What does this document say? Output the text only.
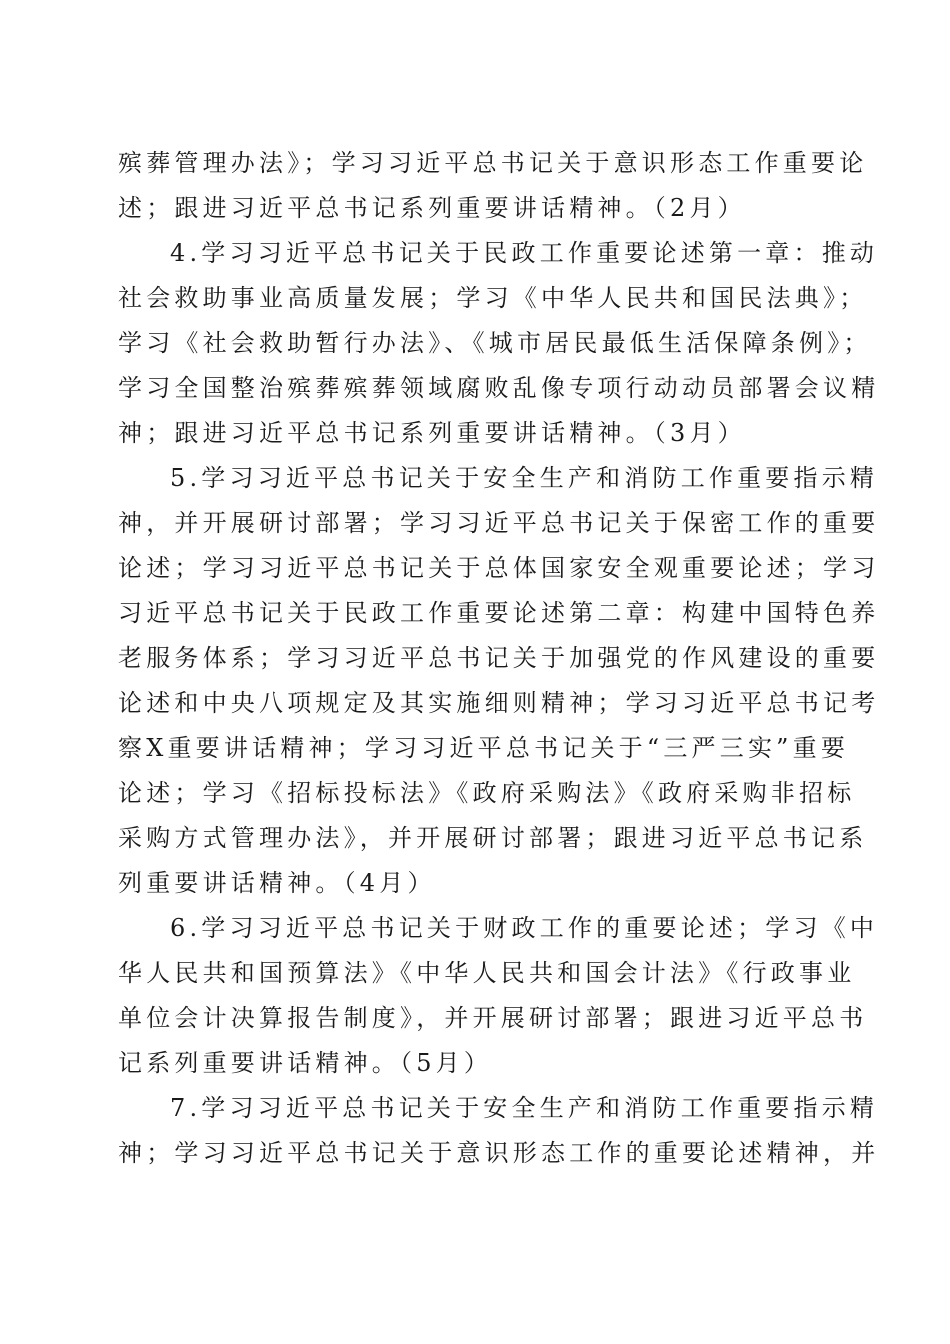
殡葬管理办法》；学习习近平总书记关于意识形态工作重要论
述；跟进习近平总书记系列重要讲话精神。（2月）
4.学习习近平总书记关于民政工作重要论述第一章：推动
社会救助事业高质量发展；学习《中华人民共和国民法典》；
学习《社会救助暂行办法》、《城市居民最低生活保障条例》；
学习全国整治殡葬殡葬领域腐败乱像专项行动动员部署会议精
神；跟进习近平总书记系列重要讲话精神。（3月）
5.学习习近平总书记关于安全生产和消防工作重要指示精
神，并开展研讨部署；学习习近平总书记关于保密工作的重要
论述；学习习近平总书记关于总体国家安全观重要论述；学习
习近平总书记关于民政工作重要论述第二章：构建中国特色养
老服务体系；学习习近平总书记关于加强党的作风建设的重要
论述和中央八项规定及其实施细则精神；学习习近平总书记考
察X重要讲话精神；学习习近平总书记关于“三严三实”重要
论述；学习《招标投标法》《政府采购法》《政府采购非招标
采购方式管理办法》，并开展研讨部署；跟进习近平总书记系
列重要讲话精神。（4月）
6.学习习近平总书记关于财政工作的重要论述；学习《中
华人民共和国预算法》《中华人民共和国会计法》《行政事业
单位会计决算报告制度》，并开展研讨部署；跟进习近平总书
记系列重要讲话精神。（5月）
7.学习习近平总书记关于安全生产和消防工作重要指示精
神；学习习近平总书记关于意识形态工作的重要论述精神，并
